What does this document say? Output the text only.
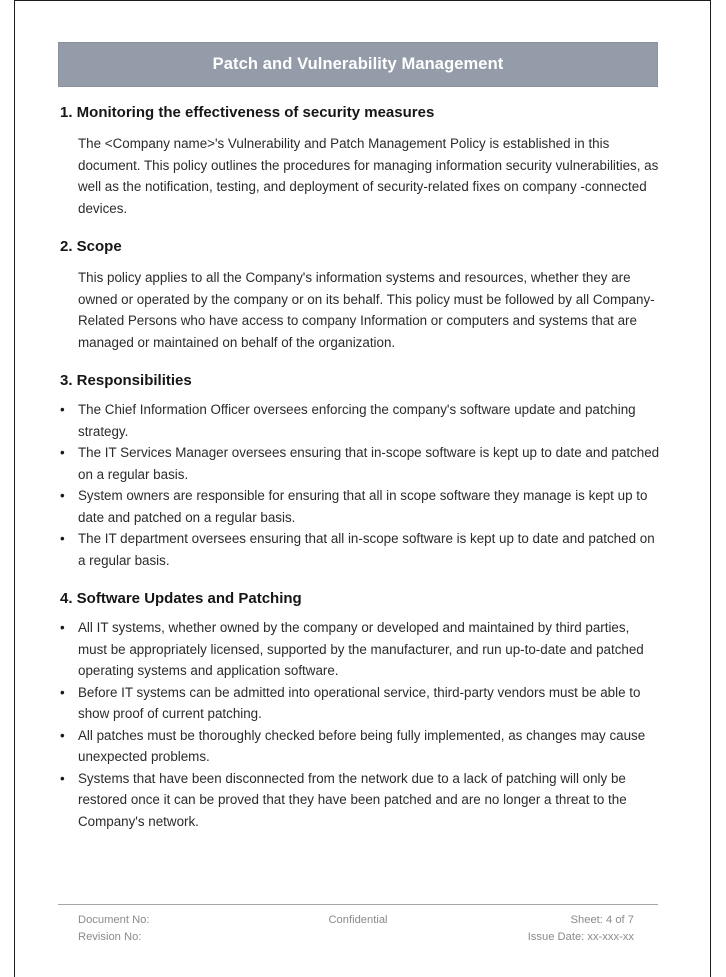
Patch and Vulnerability Management
1. Monitoring the effectiveness of security measures

The <Company name>'s Vulnerability and Patch Management Policy is established in this document. This policy outlines the procedures for managing information security vulnerabilities, as well as the notification, testing, and deployment of security-related fixes on company -connected devices.

2. Scope

This policy applies to all the Company's information systems and resources, whether they are owned or operated by the company or on its behalf. This policy must be followed by all Company-Related Persons who have access to company Information or computers and systems that are managed or maintained on behalf of the organization.

3. Responsibilities
• The Chief Information Officer oversees enforcing the company's software update and patching strategy.
• The IT Services Manager oversees ensuring that in-scope software is kept up to date and patched on a regular basis.
• System owners are responsible for ensuring that all in scope software they manage is kept up to date and patched on a regular basis.
• The IT department oversees ensuring that all in-scope software is kept up to date and patched on a regular basis.
4. Software Updates and Patching
• All IT systems, whether owned by the company or developed and maintained by third parties, must be appropriately licensed, supported by the manufacturer, and run up-to-date and patched operating systems and application software.
• Before IT systems can be admitted into operational service, third-party vendors must be able to show proof of current patching.
• All patches must be thoroughly checked before being fully implemented, as changes may cause unexpected problems.
• Systems that have been disconnected from the network due to a lack of patching will only be restored once it can be proved that they have been patched and are no longer a threat to the Company's network.
Document No:
Revision No:
Confidential	Sheet: 4 of 7
Issue Date: xx-xxx-xx
